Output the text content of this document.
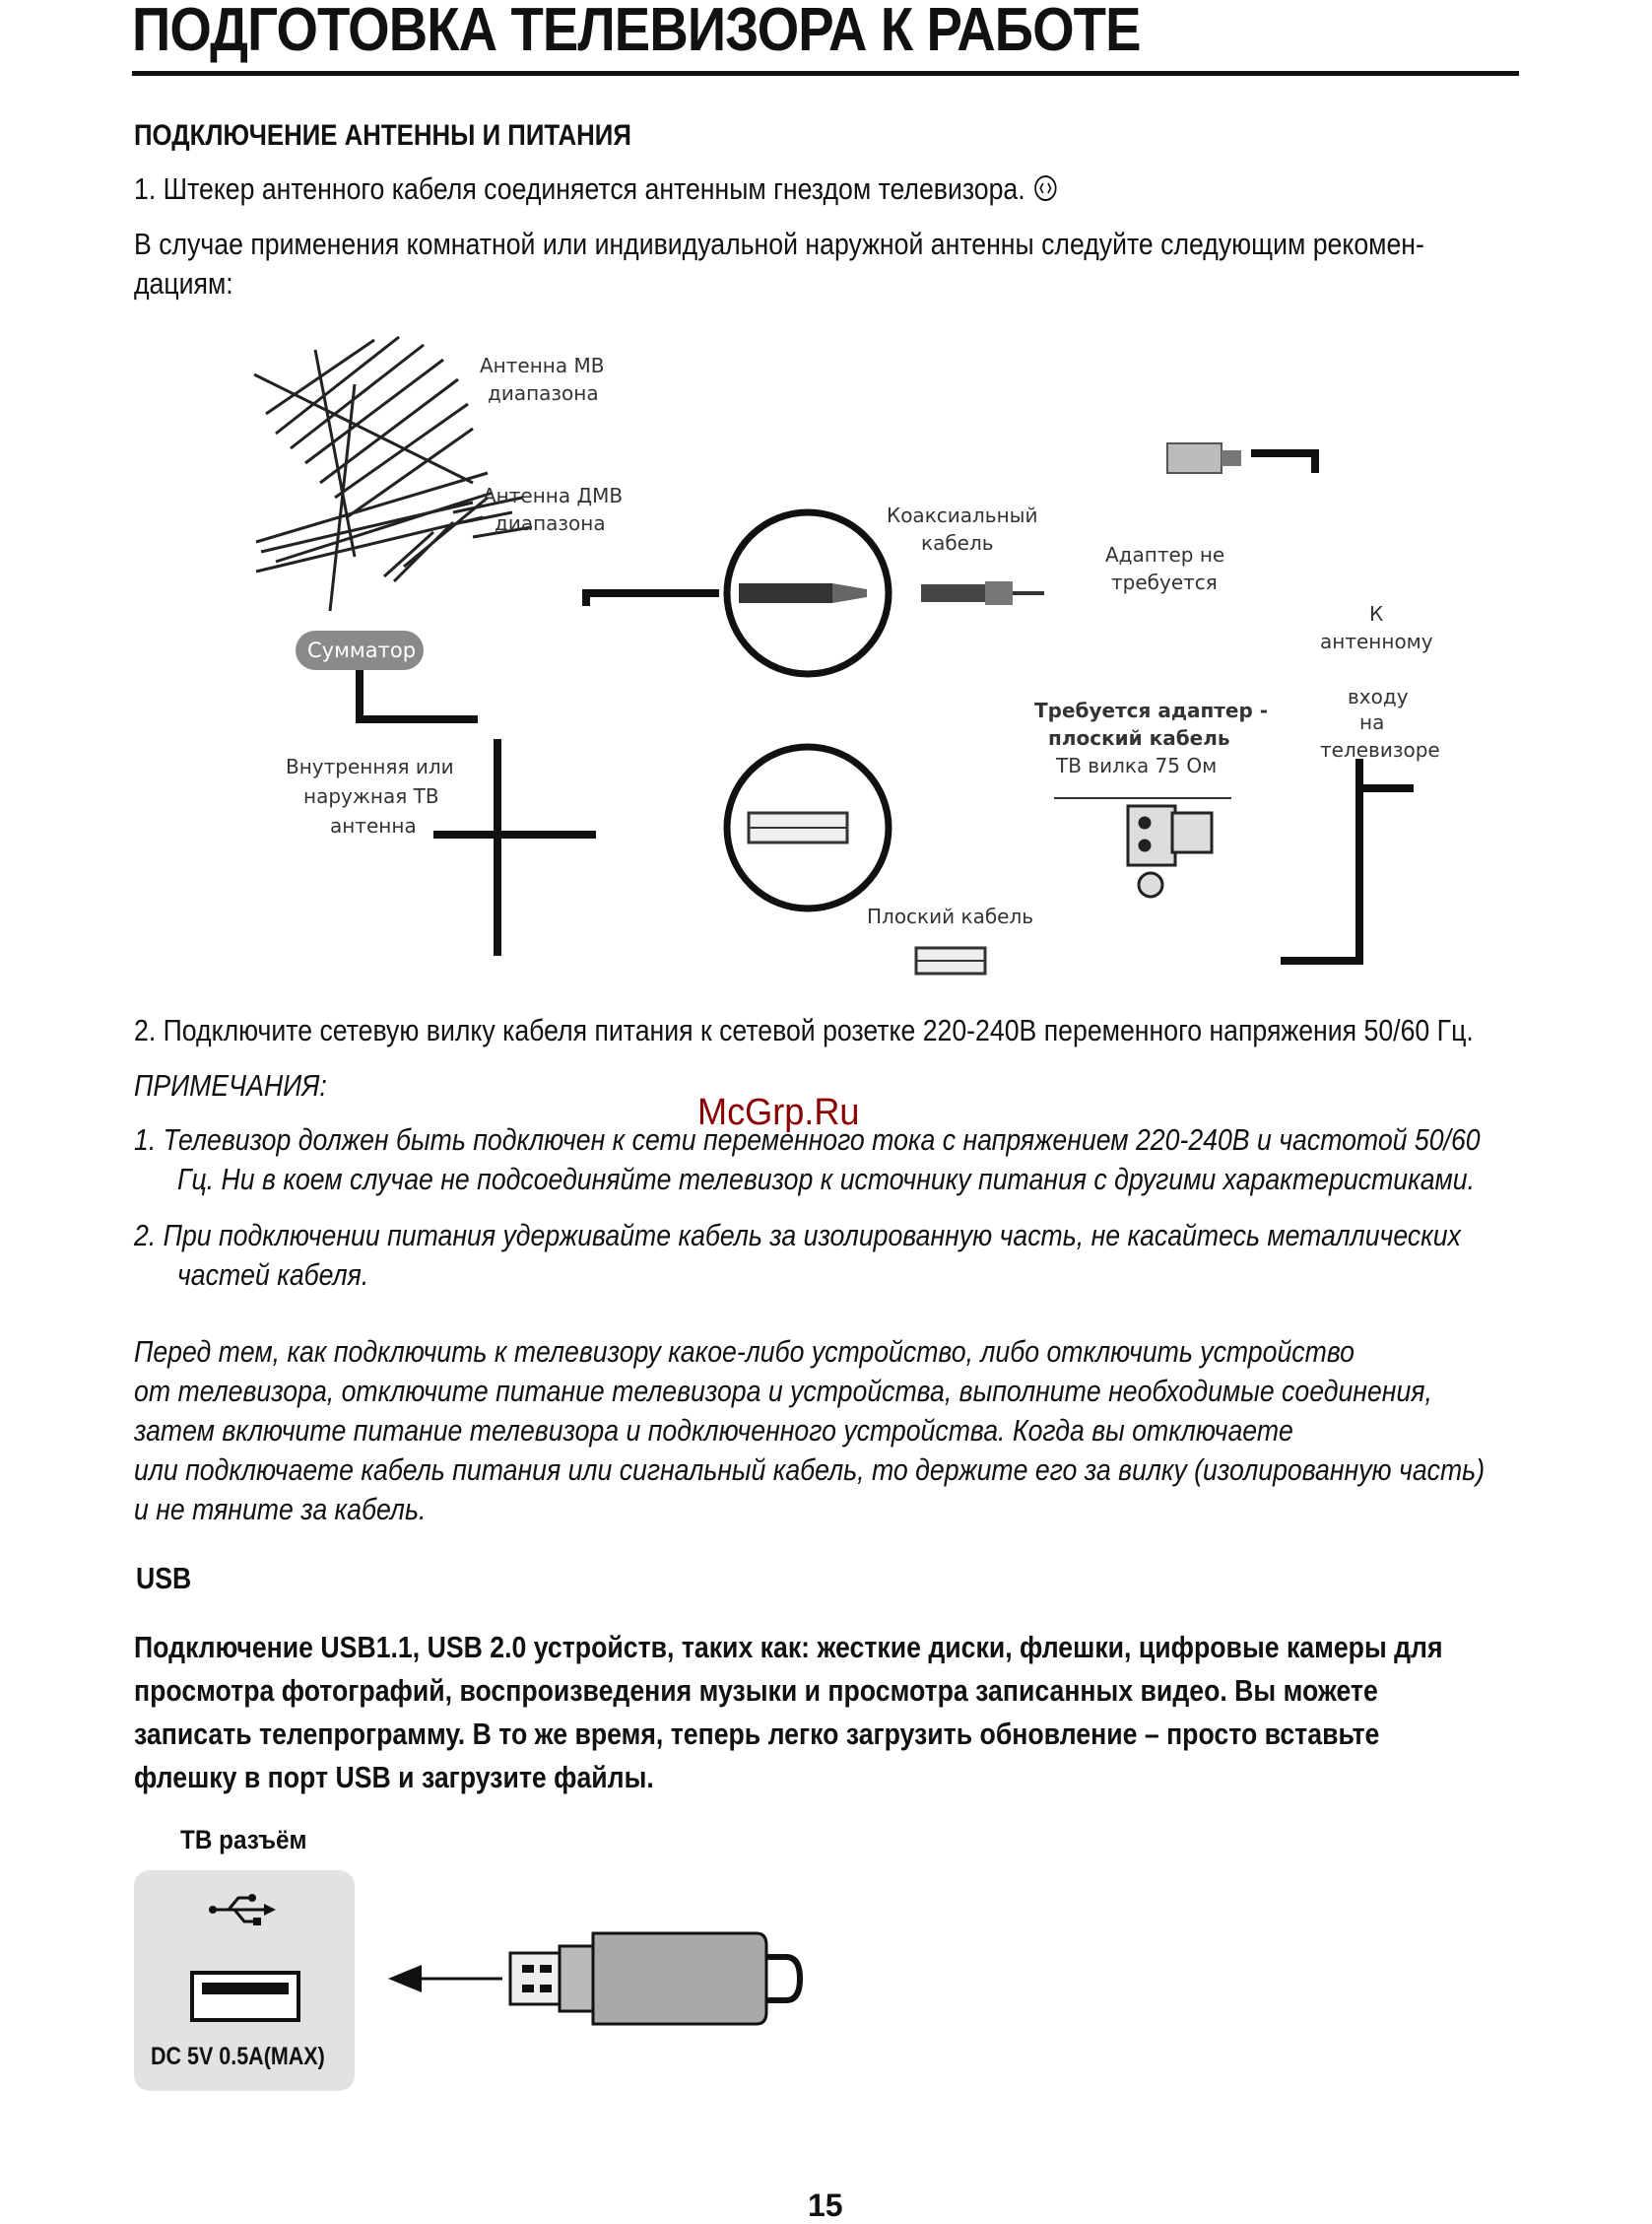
ПОДГОТОВКА ТЕЛЕВИЗОРА К РАБОТЕ
ПОДКЛЮЧЕНИЕ АНТЕННЫ И ПИТАНИЯ
1. Штекер антенного кабеля соединяется антенным гнездом телевизора.
В случае применения комнатной или индивидуальной наружной антенны следуйте следующим рекомен-
дациям:
Антенна МВ
диапазона
Антенна ДМВ
диапазона
Сумматор
Внутренняя или
наружная ТВ
антенна
Коаксиальный
кабель	Адаптер не
требуется
К
антенному
входу
на
телевизоре
Требуется адаптер -
плоский кабель
ТВ вилка 75 Ом
Плоский кабель
2. Подключите сетевую вилку кабеля питания к сетевой розетке 220-240В переменного напряжения 50/60 Гц.
ПРИМЕЧАНИЯ:
McGrp.Ru
1. Телевизор должен быть подключен к сети переменного тока с напряжением 220-240В и частотой 50/60
Гц. Ни в коем случае не подсоединяйте телевизор к источнику питания с другими характеристиками.
2. При подключении питания удерживайте кабель за изолированную часть, не касайтесь металлических
частей кабеля.
Перед тем, как подключить к телевизору какое-либо устройство, либо отключить устройство
от телевизора, отключите питание телевизора и устройства, выполните необходимые соединения,
затем включите питание телевизора и подключенного устройства. Когда вы отключаете
или подключаете кабель питания или сигнальный кабель, то держите его за вилку (изолированную часть)
и не тяните за кабель.
USB
Подключение USB1.1, USB 2.0 устройств, таких как: жесткие диски, флешки, цифровые камеры для
просмотра фотографий, воспроизведения музыки и просмотра записанных видео. Вы можете
записать телепрограмму. В то же время, теперь легко загрузить обновление – просто вставьте
флешку в порт USB и загрузите файлы.
ТВ разъём
DC 5V 0.5A(MAX)
15
